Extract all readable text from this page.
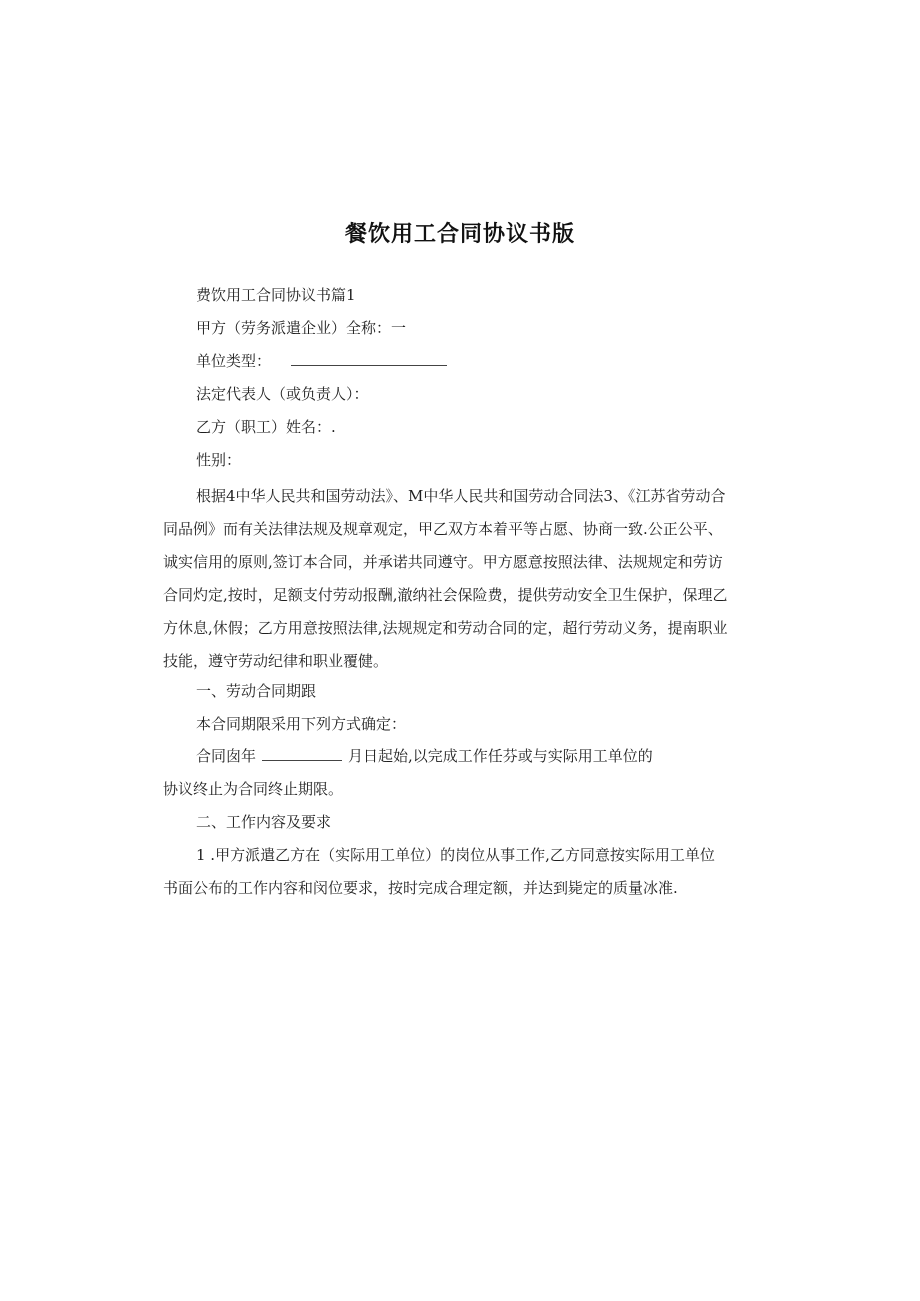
餐饮用工合同协议书版
费饮用工合同协议书篇1
甲方（劳务派遣企业）全称：一
单位类型：
法定代表人（或负责人）：
乙方（职工）姓名：.
性别：
根据4中华人民共和国劳动法》、M中华人民共和国劳动合同法3、《江苏省劳动合
同品例》而有关法律法规及规章观定，甲乙双方本着平等占愿、协商一致.公正公平、
诚实信用的原则,签订本合同，并承诺共同遵守。甲方愿意按照法律、法规规定和劳访
合同灼定,按时，足额支付劳动报酬,澈纳社会保险费，提供劳动安全卫生保护，保理乙
方休息,休假；乙方用意按照法律,法规规定和劳动合同的定，超行劳动义务，提南职业
技能，遵守劳动纪律和职业覆健。
一、劳动合同期跟
本合同期限采用下列方式确定：
合同囱年	月日起始,以完成工作任芬或与实际用工单位的
协议终止为合同终止期限。
二、工作内容及要求
1 .甲方派遣乙方在（实际用工单位）的岗位从事工作,乙方同意按实际用工单位
书面公布的工作内容和闵位要求，按时完成合理定额，并达到毙定的质量冰准.
